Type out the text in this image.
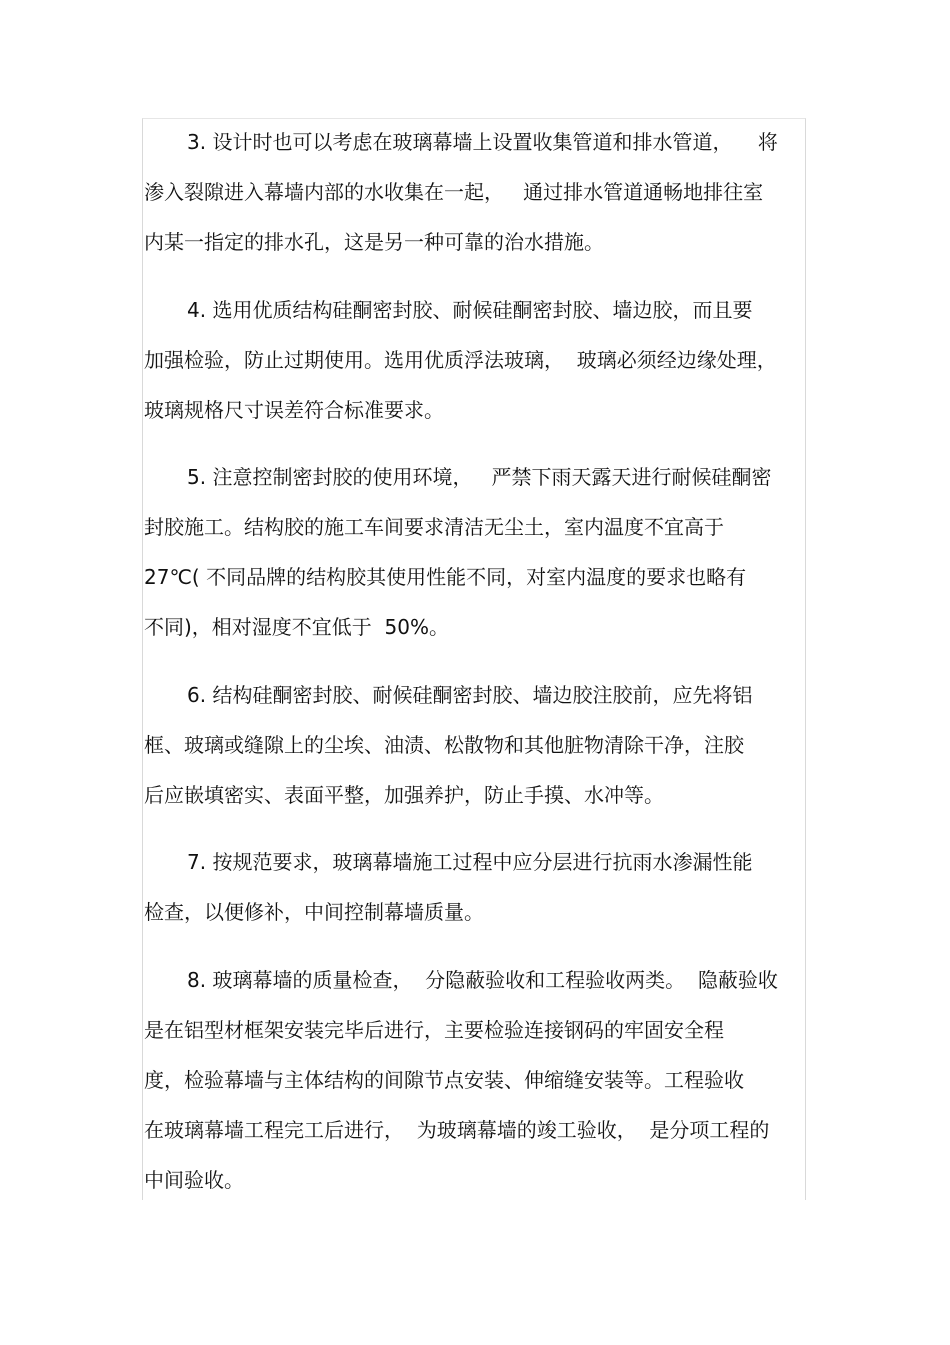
3. 设计时也可以考虑在玻璃幕墙上设置收集管道和排水管道，    将
渗入裂隙进入幕墙内部的水收集在一起，   通过排水管道通畅地排往室
内某一指定的排水孔，这是另一种可靠的治水措施。
4. 选用优质结构硅酮密封胶、耐候硅酮密封胶、墙边胶，而且要
加强检验，防止过期使用。选用优质浮法玻璃，  玻璃必须经边缘处理，
玻璃规格尺寸误差符合标准要求。
5. 注意控制密封胶的使用环境，   严禁下雨天露天进行耐候硅酮密
封胶施工。结构胶的施工车间要求清洁无尘土，室内温度不宜高于
27℃( 不同品牌的结构胶其使用性能不同，对室内温度的要求也略有
不同)，相对湿度不宜低于  50%。
6. 结构硅酮密封胶、耐候硅酮密封胶、墙边胶注胶前，应先将铝
框、玻璃或缝隙上的尘埃、油渍、松散物和其他脏物清除干净，注胶
后应嵌填密实、表面平整，加强养护，防止手摸、水冲等。
7. 按规范要求，玻璃幕墙施工过程中应分层进行抗雨水渗漏性能
检查，以便修补，中间控制幕墙质量。
8. 玻璃幕墙的质量检查，  分隐蔽验收和工程验收两类。  隐蔽验收
是在铝型材框架安装完毕后进行，主要检验连接钢码的牢固安全程
度，检验幕墙与主体结构的间隙节点安装、伸缩缝安装等。工程验收
在玻璃幕墙工程完工后进行，  为玻璃幕墙的竣工验收，  是分项工程的
中间验收。
